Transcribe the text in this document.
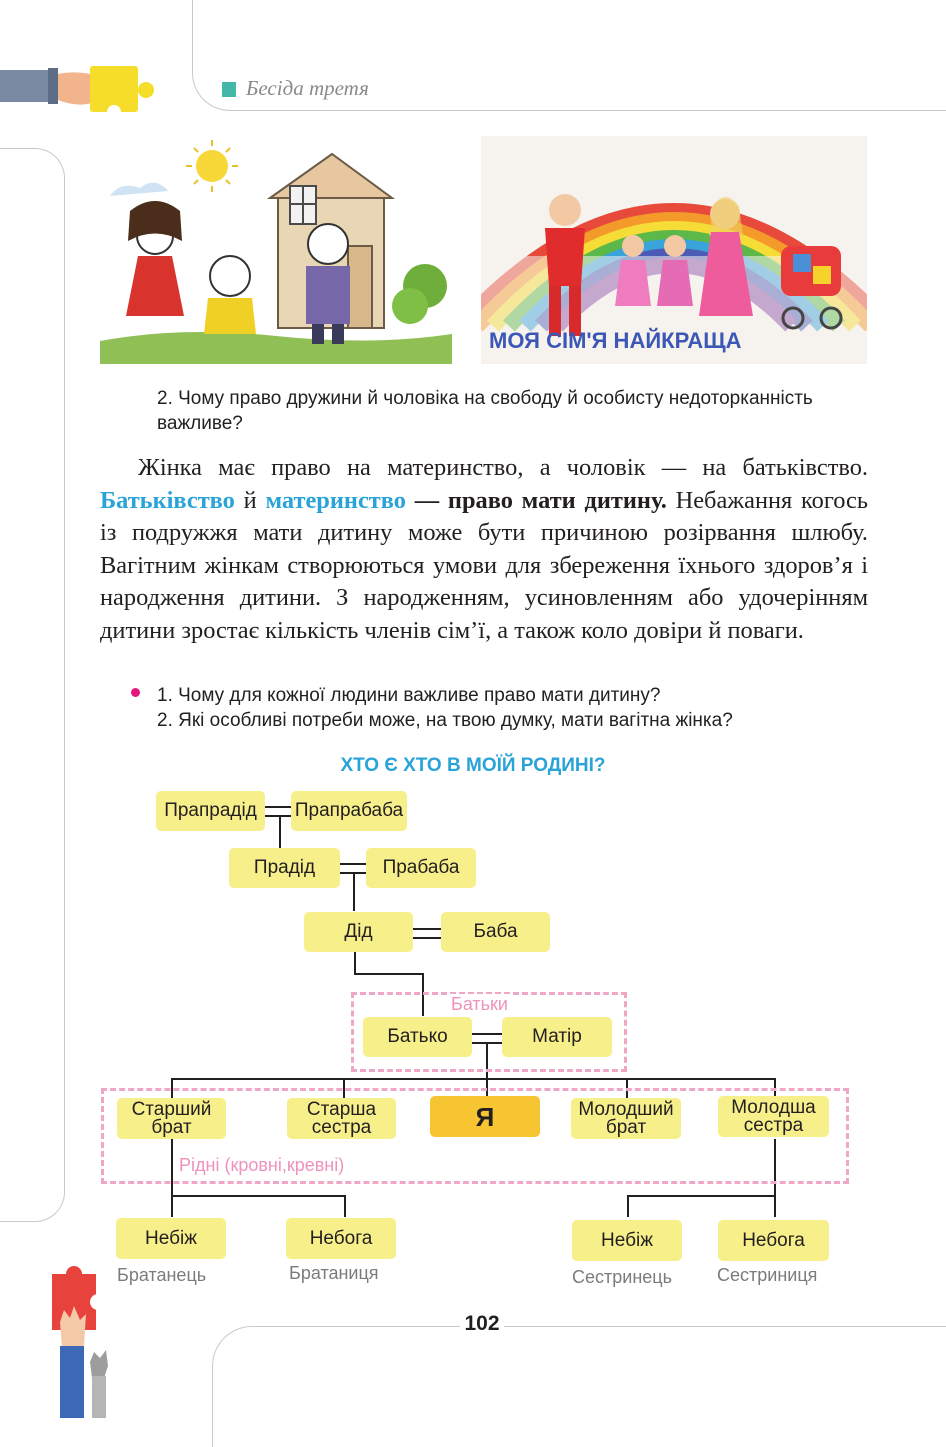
Бесіда третя
МОЯ СІМ'Я НАЙКРАЩА
2. Чому право дружини й чоловіка на свободу й особисту недоторканність важливе?
Жінка має право на материнство, а чоловік — на батьківство. Батьківство й материнство — право мати дитину. Небажання когось із подружжя мати дитину може бути причиною розірвання шлюбу. Вагітним жінкам створюються умови для збереження їхнього здоров’я і народження дитини. З народженням, усиновленням або удочерінням дитини зростає кількість членів сім’ї, а також коло довіри й поваги.
1. Чому для кожної людини важливе право мати дитину?
2. Які особливі потреби може, на твою думку, мати вагітна жінка?
ХТО Є ХТО В МОЇЙ РОДИНІ?
Батьки
Рідні (кровні,кревні)
Прапрадід	Прапрабаба
Прадід	Прабаба
Дід	Баба
Батько	Матір
Старший брат
Старша сестра	Я	Молодший брат
Молодша сестра
Небіж	Небога	Небіж	Небога
Братанець	Братаниця	Сестринець	Сестриниця
102
